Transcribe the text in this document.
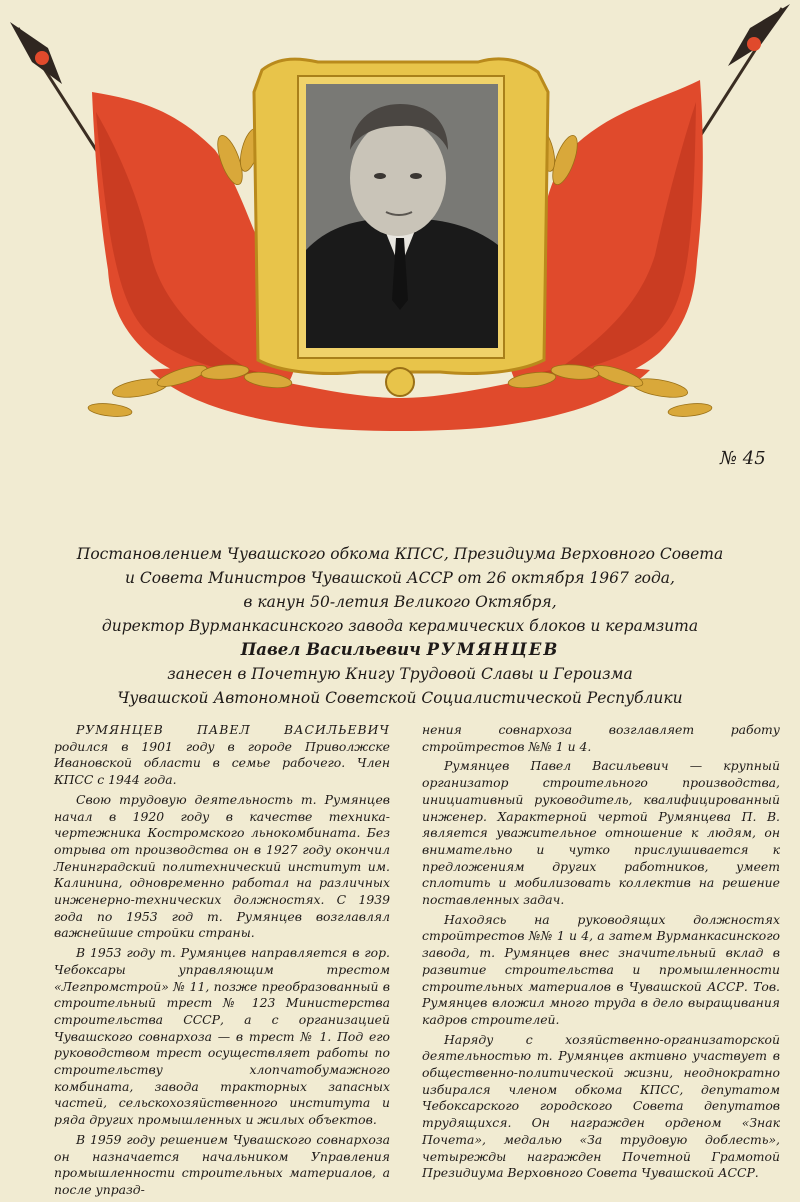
№ 45
Постановлением Чувашского обкома КПСС, Президиума Верховного Совета
и Совета Министров Чувашской АССР от 26 октября 1967 года,
в канун 50-летия Великого Октября,
директор Вурманкасинского завода керамических блоков и керамзита
Павел Васильевич РУМЯНЦЕВ
занесен в Почетную Книгу Трудовой Славы и Героизма
Чувашской Автономной Советской Социалистической Республики

РУМЯНЦЕВ ПАВЕЛ ВАСИЛЬЕВИЧ родился в 1901 году в городе Приволжске Ивановской области в семье рабочего. Член КПСС с 1944 года.

Свою трудовую деятельность т. Румянцев начал в 1920 году в качестве техника-чертежника Костромского льнокомбината. Без отрыва от производства он в 1927 году окончил Ленинградский политехнический институт им. Калинина, одновременно работал на различных инженерно-технических должностях. С 1939 года по 1953 год т. Румянцев возглавлял важнейшие стройки страны.

В 1953 году т. Румянцев направляется в гор. Чебоксары управляющим трестом «Легпромстрой» № 11, позже преобразованный в строительный трест № 123 Министерства строительства СССР, а с организацией Чувашского совнархоза — в трест № 1. Под его руководством трест осуществляет работы по строительству хлопчатобумажного комбината, завода тракторных запасных частей, сельскохозяйственного института и ряда других промышленных и жилых объектов.

В 1959 году решением Чувашского совнархоза он назначается начальником Управления промышленности строительных материалов, а после упразд-

нения совнархоза возглавляет работу стройтрестов №№ 1 и 4.

Румянцев Павел Васильевич — крупный организатор строительного производства, инициативный руководитель, квалифицированный инженер. Характерной чертой Румянцева П. В. является уважительное отношение к людям, он внимательно и чутко прислушивается к предложениям других работников, умеет сплотить и мобилизовать коллектив на решение поставленных задач.

Находясь на руководящих должностях стройтрестов №№ 1 и 4, а затем Вурманкасинского завода, т. Румянцев внес значительный вклад в развитие строительства и промышленности строительных материалов в Чувашской АССР. Тов. Румянцев вложил много труда в дело выращивания кадров строителей.

Наряду с хозяйственно-организаторской деятельностью т. Румянцев активно участвует в общественно-политической жизни, неоднократно избирался членом обкома КПСС, депутатом Чебоксарского городского Совета депутатов трудящихся. Он награжден орденом «Знак Почета», медалью «За трудовую доблесть», четырежды награжден Почетной Грамотой Президиума Верховного Совета Чувашской АССР.
